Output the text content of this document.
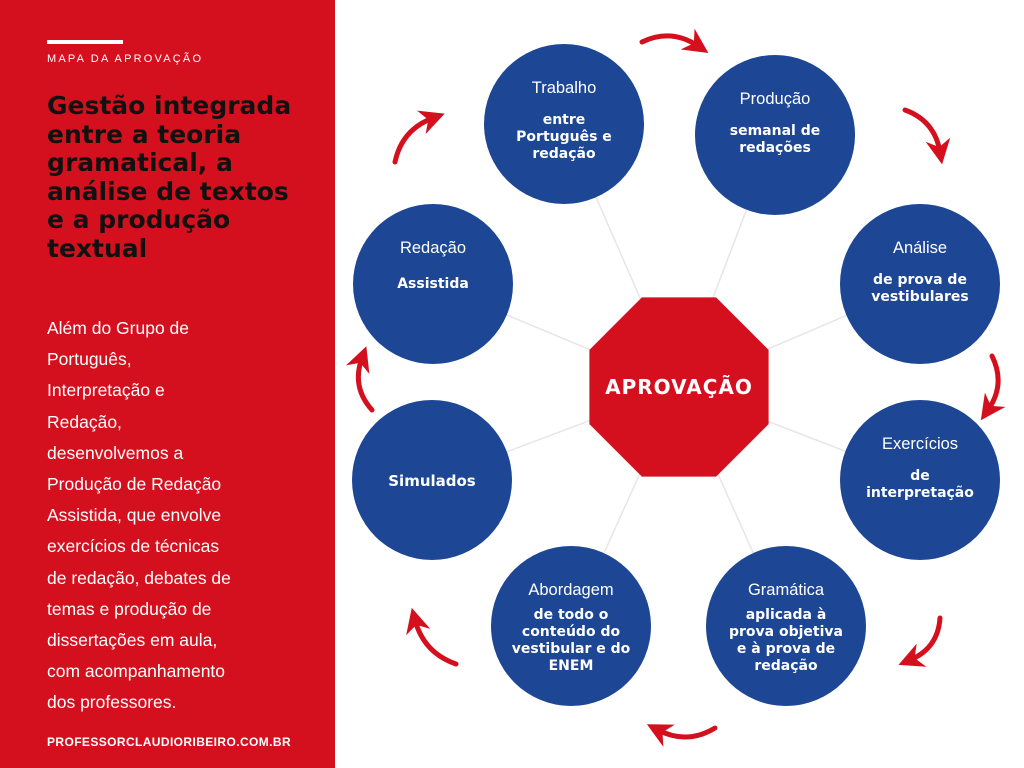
MAPA DA APROVAÇÃO
Gestão integrada
entre a teoria
gramatical, a
análise de textos
e a produção
textual
Além do Grupo de
Português,
Interpretação e
Redação,
desenvolvemos a
Produção de Redação
Assistida, que envolve
exercícios de técnicas
de redação, debates de
temas e produção de
dissertações em aula,
com acompanhamento
dos professores.
PROFESSORCLAUDIORIBEIRO.COM.BR
APROVAÇÃO
Trabalho
entre
Português e
redação
Produção
semanal de
redações
Análise
de prova de
vestibulares
Exercícios
de
interpretação
Gramática
aplicada à
prova objetiva
e à prova de
redação
Abordagem
de todo o
conteúdo do
vestibular e do
ENEM
Simulados
Redação
Assistida
